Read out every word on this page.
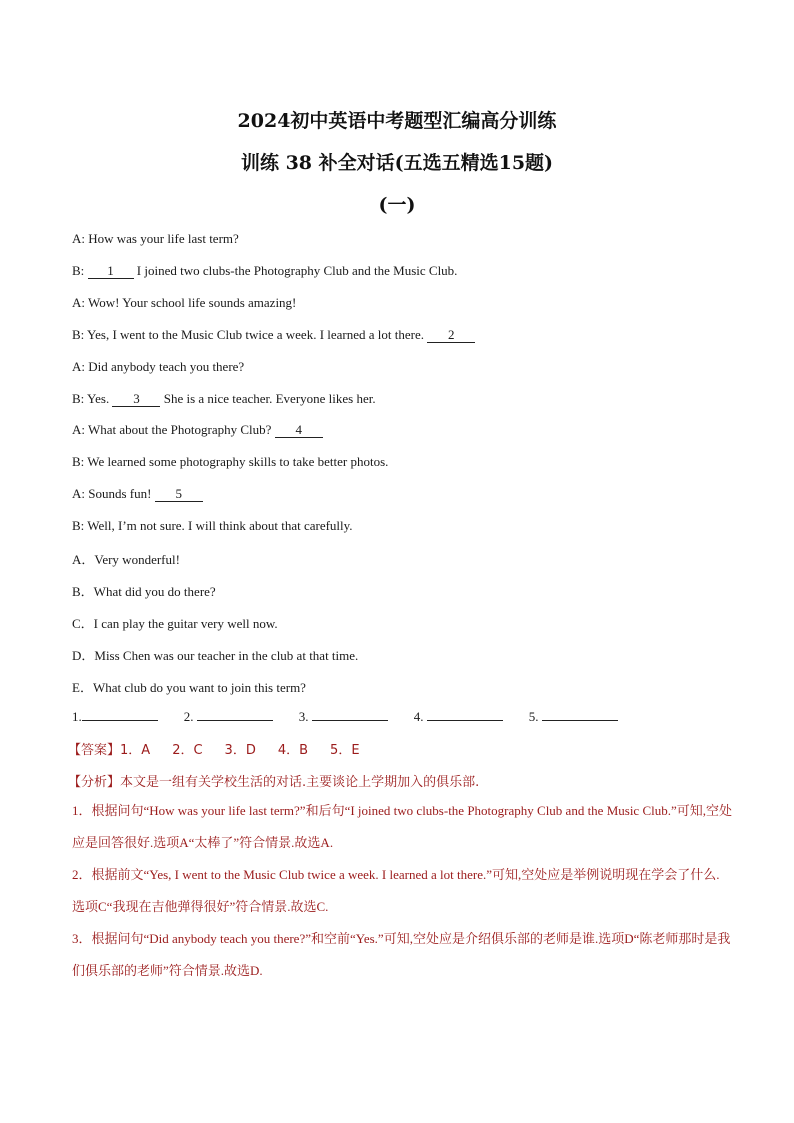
2024初中英语中考题型汇编高分训练
训练 38 补全对话(五选五精选15题)
(一)
A: How was your life last term?
B: 1 I joined two clubs-the Photography Club and the Music Club.
A: Wow! Your school life sounds amazing!
B: Yes, I went to the Music Club twice a week. I learned a lot there. 2
A: Did anybody teach you there?
B: Yes. 3 She is a nice teacher. Everyone likes her.
A: What about the Photography Club? 4
B: We learned some photography skills to take better photos.
A: Sounds fun! 5
B: Well, I’m not sure. I will think about that carefully.
A．Very wonderful!
B．What did you do there?
C．I can play the guitar very well now.
D．Miss Chen was our teacher in the club at that time.
E．What club do you want to join this term?
1.	2.	3.	4.	5.
【答案】1．A 2．C 3．D 4．B 5．E
【分析】本文是一组有关学校生活的对话.主要谈论上学期加入的俱乐部.
1．根据问句“How was your life last term?”和后句“I joined two clubs-the Photography Club and the Music Club.”可知,空处应是回答很好.选项A“太棒了”符合情景.故选A.
2．根据前文“Yes, I went to the Music Club twice a week. I learned a lot there.”可知,空处应是举例说明现在学会了什么.选项C“我现在吉他弹得很好”符合情景.故选C.
3．根据问句“Did anybody teach you there?”和空前“Yes.”可知,空处应是介绍俱乐部的老师是谁.选项D“陈老师那时是我们俱乐部的老师”符合情景.故选D.
